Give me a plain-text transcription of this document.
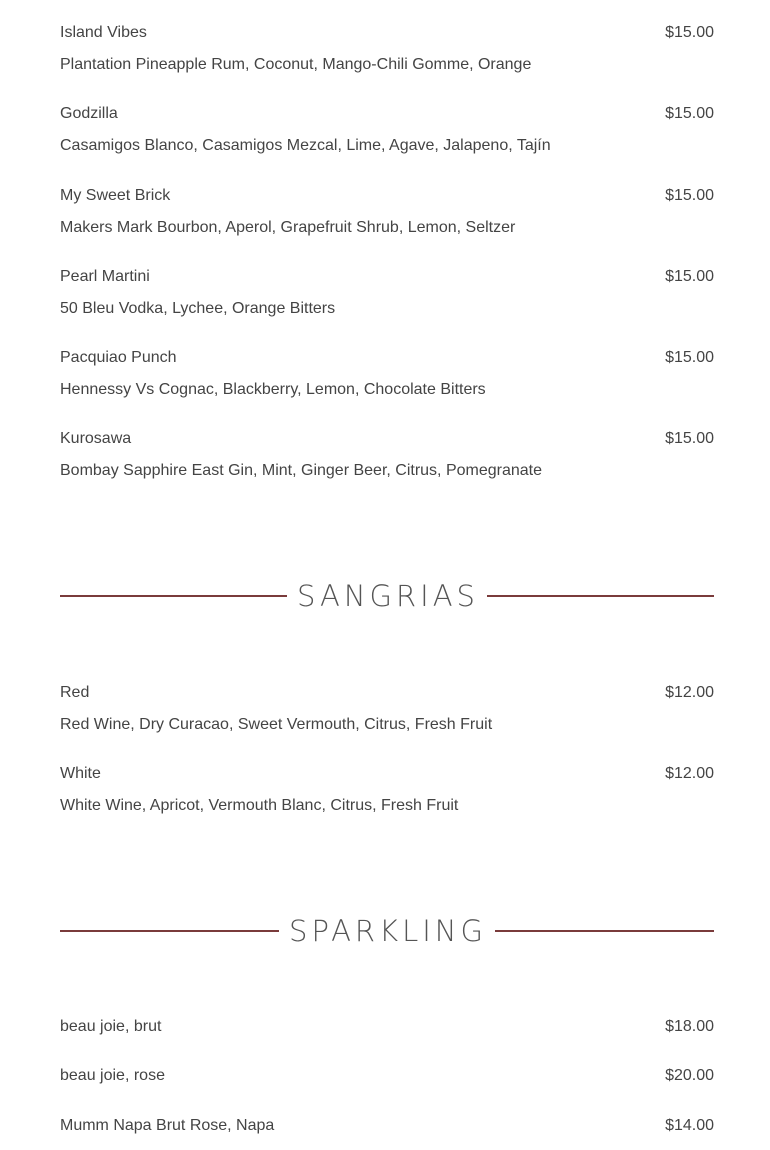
Island Vibes	$15.00
Plantation Pineapple Rum, Coconut, Mango-Chili Gomme, Orange
Godzilla	$15.00
Casamigos Blanco, Casamigos Mezcal, Lime, Agave, Jalapeno, Tajín
My Sweet Brick	$15.00
Makers Mark Bourbon, Aperol, Grapefruit Shrub, Lemon, Seltzer
Pearl Martini	$15.00
50 Bleu Vodka, Lychee, Orange Bitters
Pacquiao Punch	$15.00
Hennessy Vs Cognac, Blackberry, Lemon, Chocolate Bitters
Kurosawa	$15.00
Bombay Sapphire East Gin, Mint, Ginger Beer, Citrus, Pomegranate
SANGRIAS
Red	$12.00
Red Wine, Dry Curacao, Sweet Vermouth, Citrus, Fresh Fruit
White	$12.00
White Wine, Apricot, Vermouth Blanc, Citrus, Fresh Fruit
SPARKLING
beau joie, brut	$18.00
beau joie, rose	$20.00
Mumm Napa Brut Rose, Napa	$14.00
